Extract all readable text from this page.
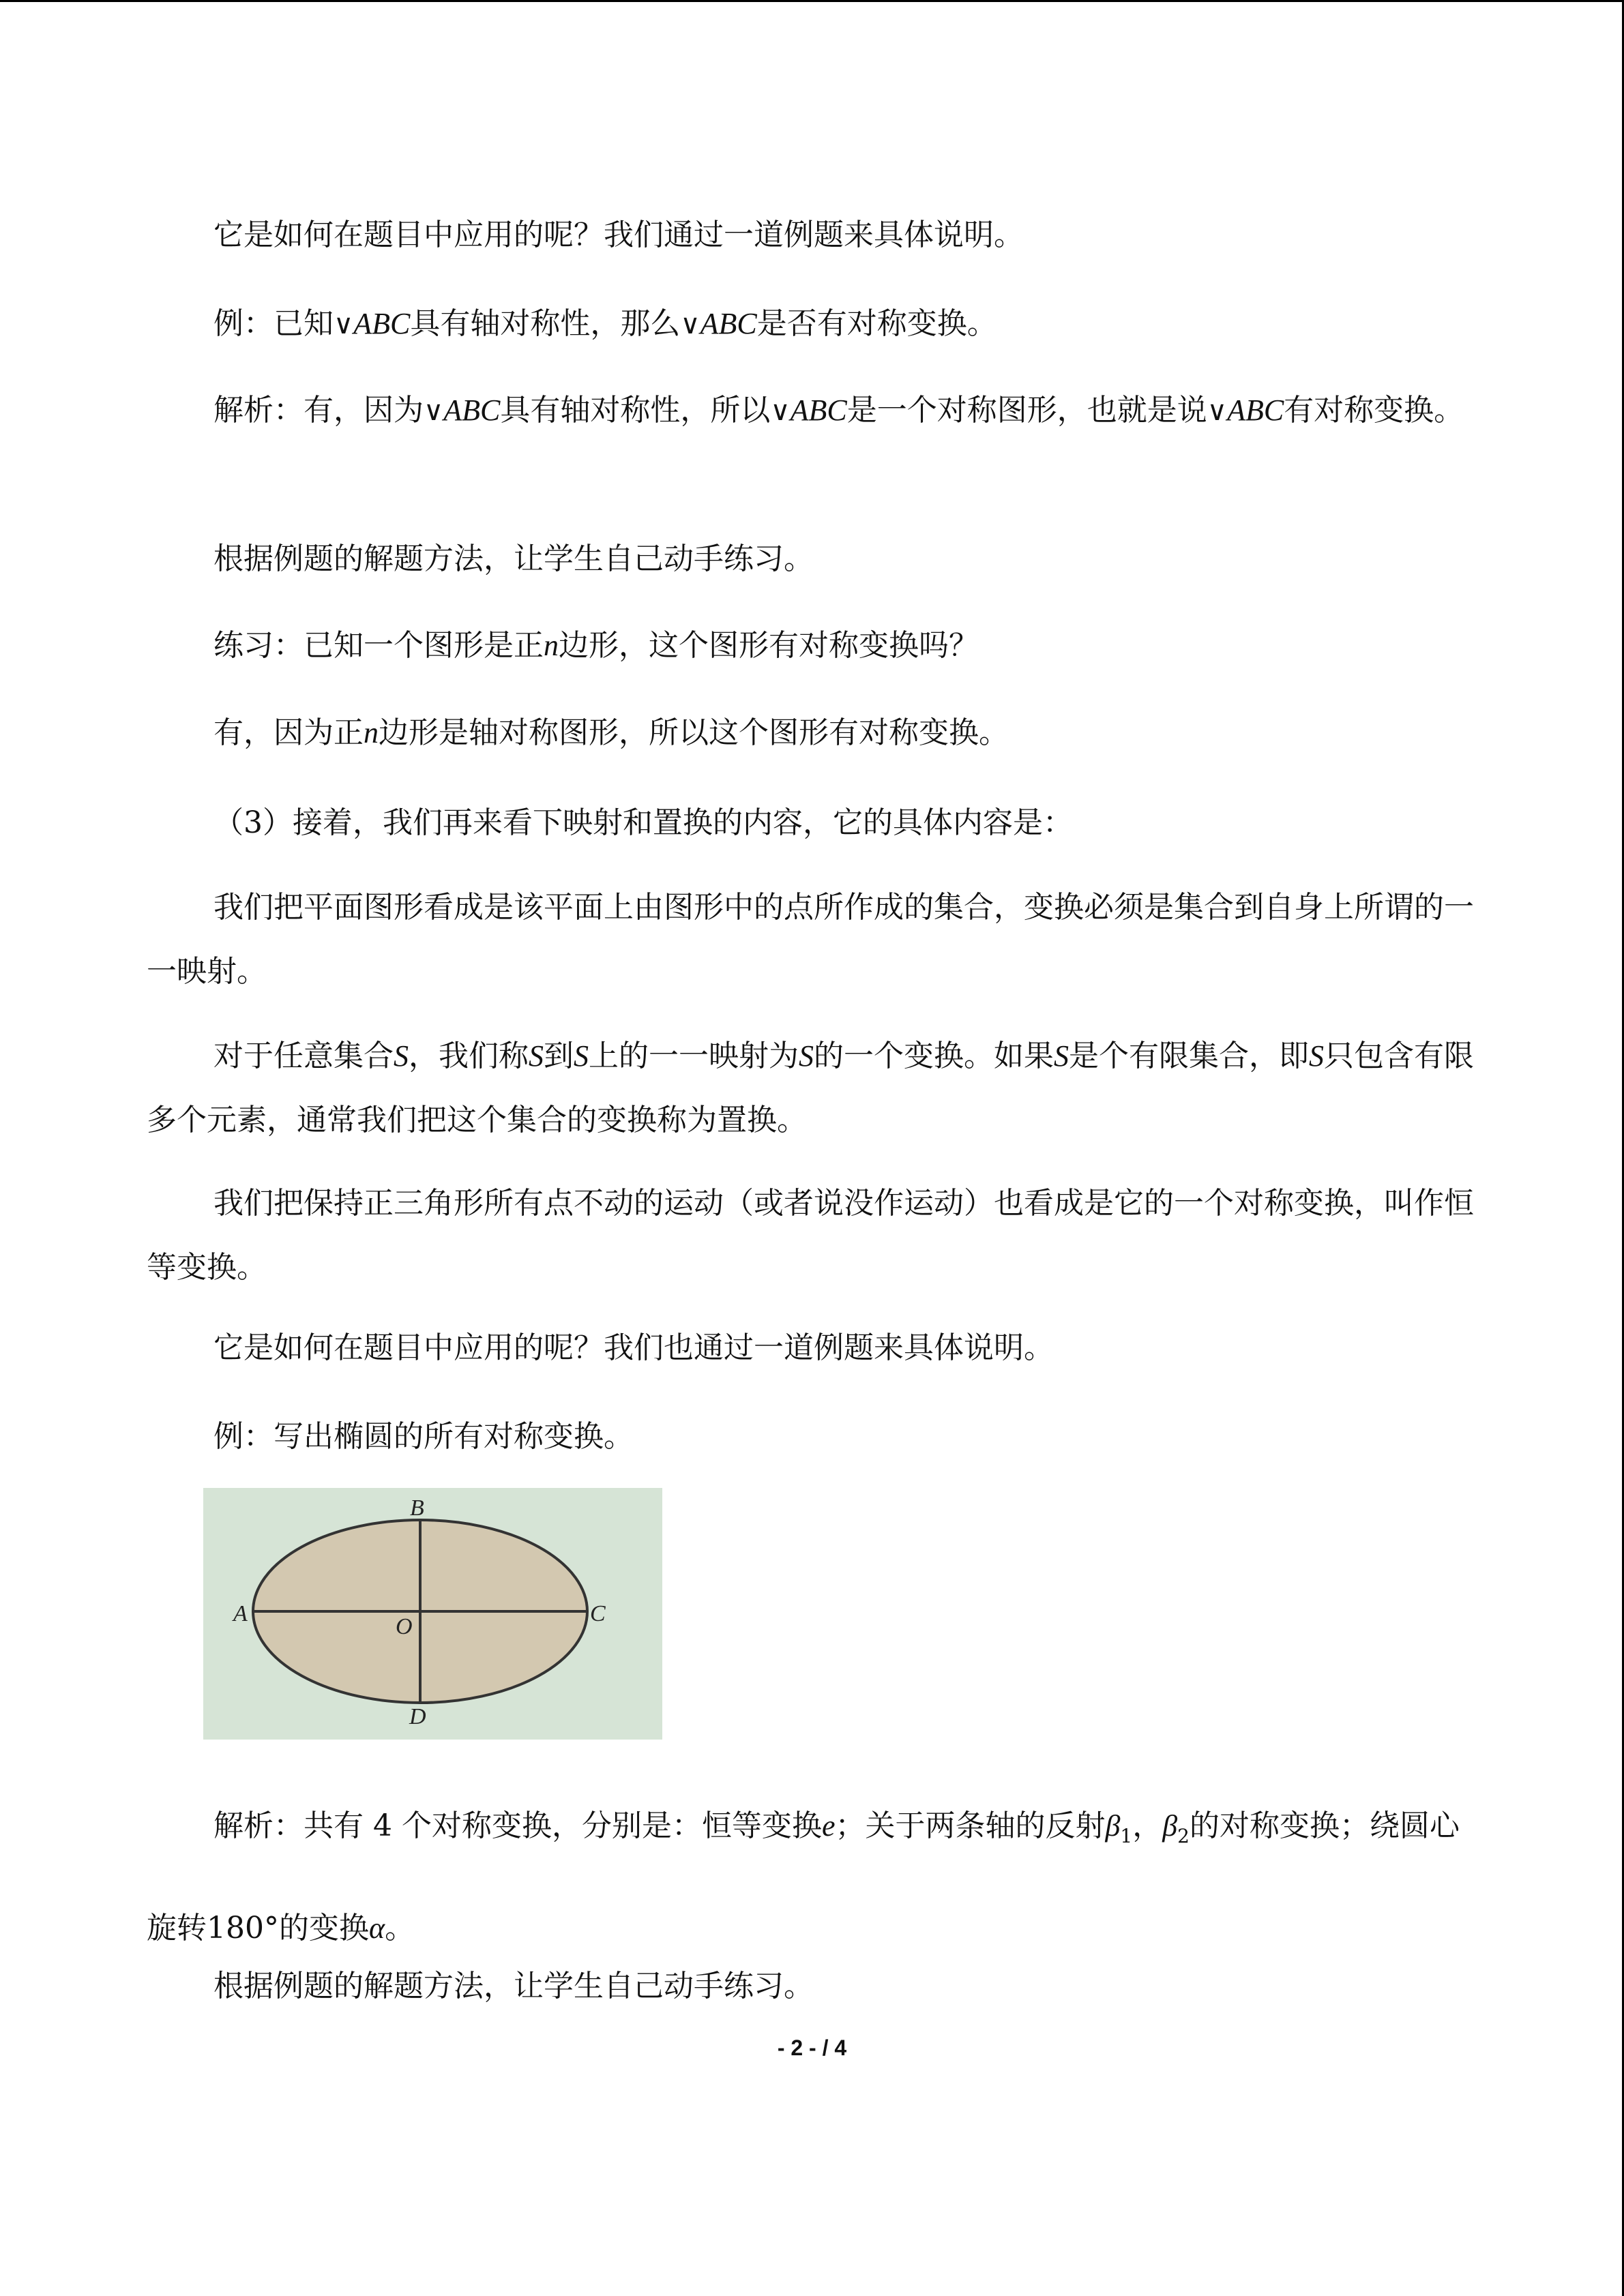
它是如何在题目中应用的呢？我们通过一道例题来具体说明。

例：已知∨ABC具有轴对称性，那么∨ABC是否有对称变换。

解析：有，因为∨ABC具有轴对称性，所以∨ABC是一个对称图形，也就是说∨ABC有对称变换。

根据例题的解题方法，让学生自己动手练习。

练习：已知一个图形是正n边形，这个图形有对称变换吗？

有，因为正n边形是轴对称图形，所以这个图形有对称变换。

（3）接着，我们再来看下映射和置换的内容，它的具体内容是：

我们把平面图形看成是该平面上由图形中的点所作成的集合，变换必须是集合到自身上所谓的一一映射。

对于任意集合S，我们称S到S上的一一映射为S的一个变换。如果S是个有限集合，即S只包含有限多个元素，通常我们把这个集合的变换称为置换。

我们把保持正三角形所有点不动的运动（或者说没作运动）也看成是它的一个对称变换，叫作恒等变换。

它是如何在题目中应用的呢？我们也通过一道例题来具体说明。

例：写出椭圆的所有对称变换。

B
A	C
O
D

解析：共有 4 个对称变换，分别是：恒等变换e；关于两条轴的反射$\beta_1$，$\beta_2$的对称变换；绕圆心旋转180°的变换α。

根据例题的解题方法，让学生自己动手练习。

- 2 - / 4
